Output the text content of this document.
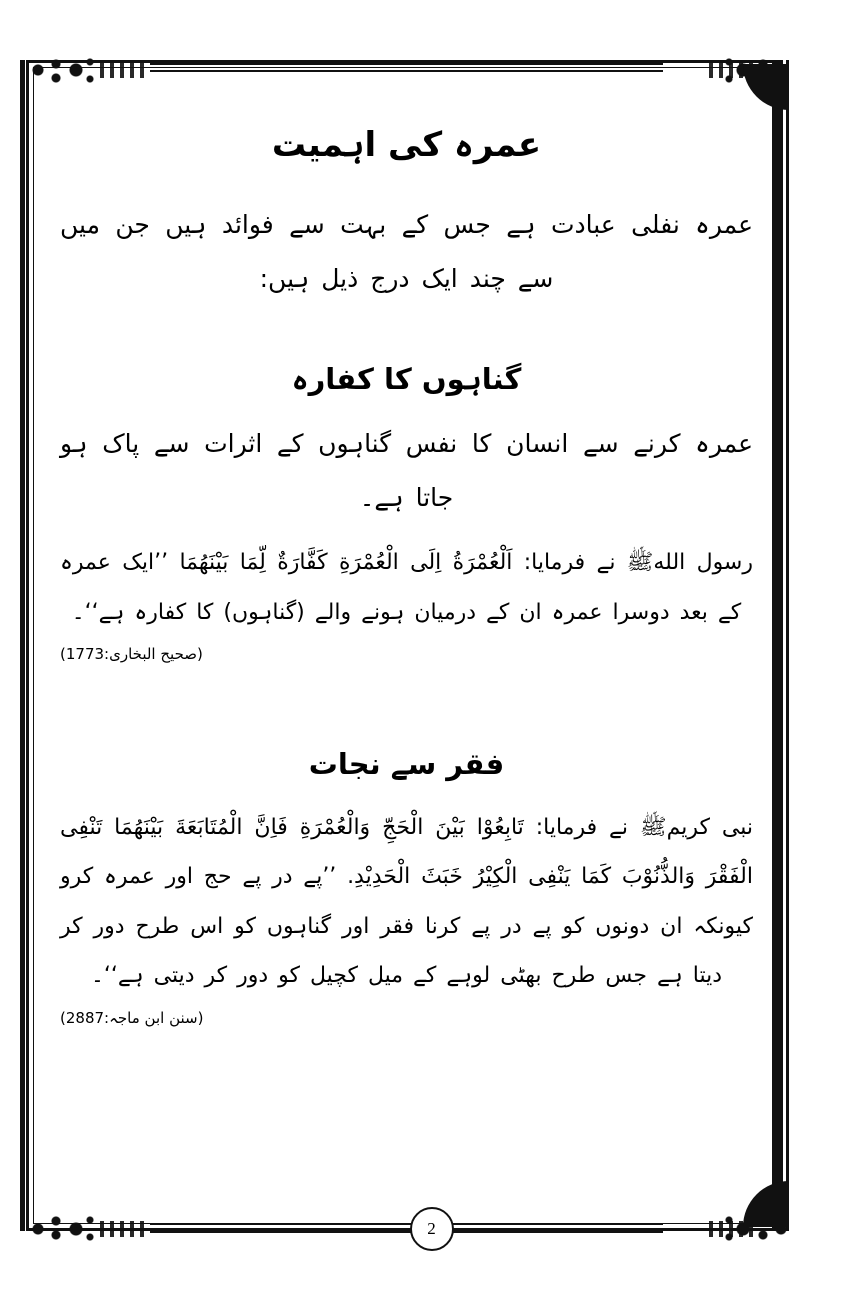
عمرہ کی اہمیت

عمرہ نفلی عبادت ہے جس کے بہت سے فوائد ہیں جن میں سے چند ایک درج ذیل ہیں:

گناہوں کا کفارہ

عمرہ کرنے سے انسان کا نفس گناہوں کے اثرات سے پاک ہو جاتا ہے۔

رسول اللهﷺ نے فرمایا: اَلْعُمْرَةُ اِلَى الْعُمْرَةِ كَفَّارَةٌ لِّمَا بَيْنَهُمَا ’’ایک عمرہ کے بعد دوسرا عمرہ ان کے درمیان ہونے والے (گناہوں) کا کفارہ ہے‘‘۔

(صحیح البخاری:1773)

فقر سے نجات

نبی کریمﷺ نے فرمایا: تَابِعُوْا بَيْنَ الْحَجِّ وَالْعُمْرَةِ فَاِنَّ الْمُتَابَعَةَ بَيْنَهُمَا تَنْفِى الْفَقْرَ وَالذُّنُوْبَ كَمَا يَنْفِى الْكِيْرُ خَبَثَ الْحَدِيْدِ. ’’پے در پے حج اور عمرہ کرو کیونکہ ان دونوں کو پے در پے کرنا فقر اور گناہوں کو اس طرح دور کر دیتا ہے جس طرح بھٹی لوہے کے میل کچیل کو دور کر دیتی ہے‘‘۔

(سنن ابن ماجہ:2887)

2
